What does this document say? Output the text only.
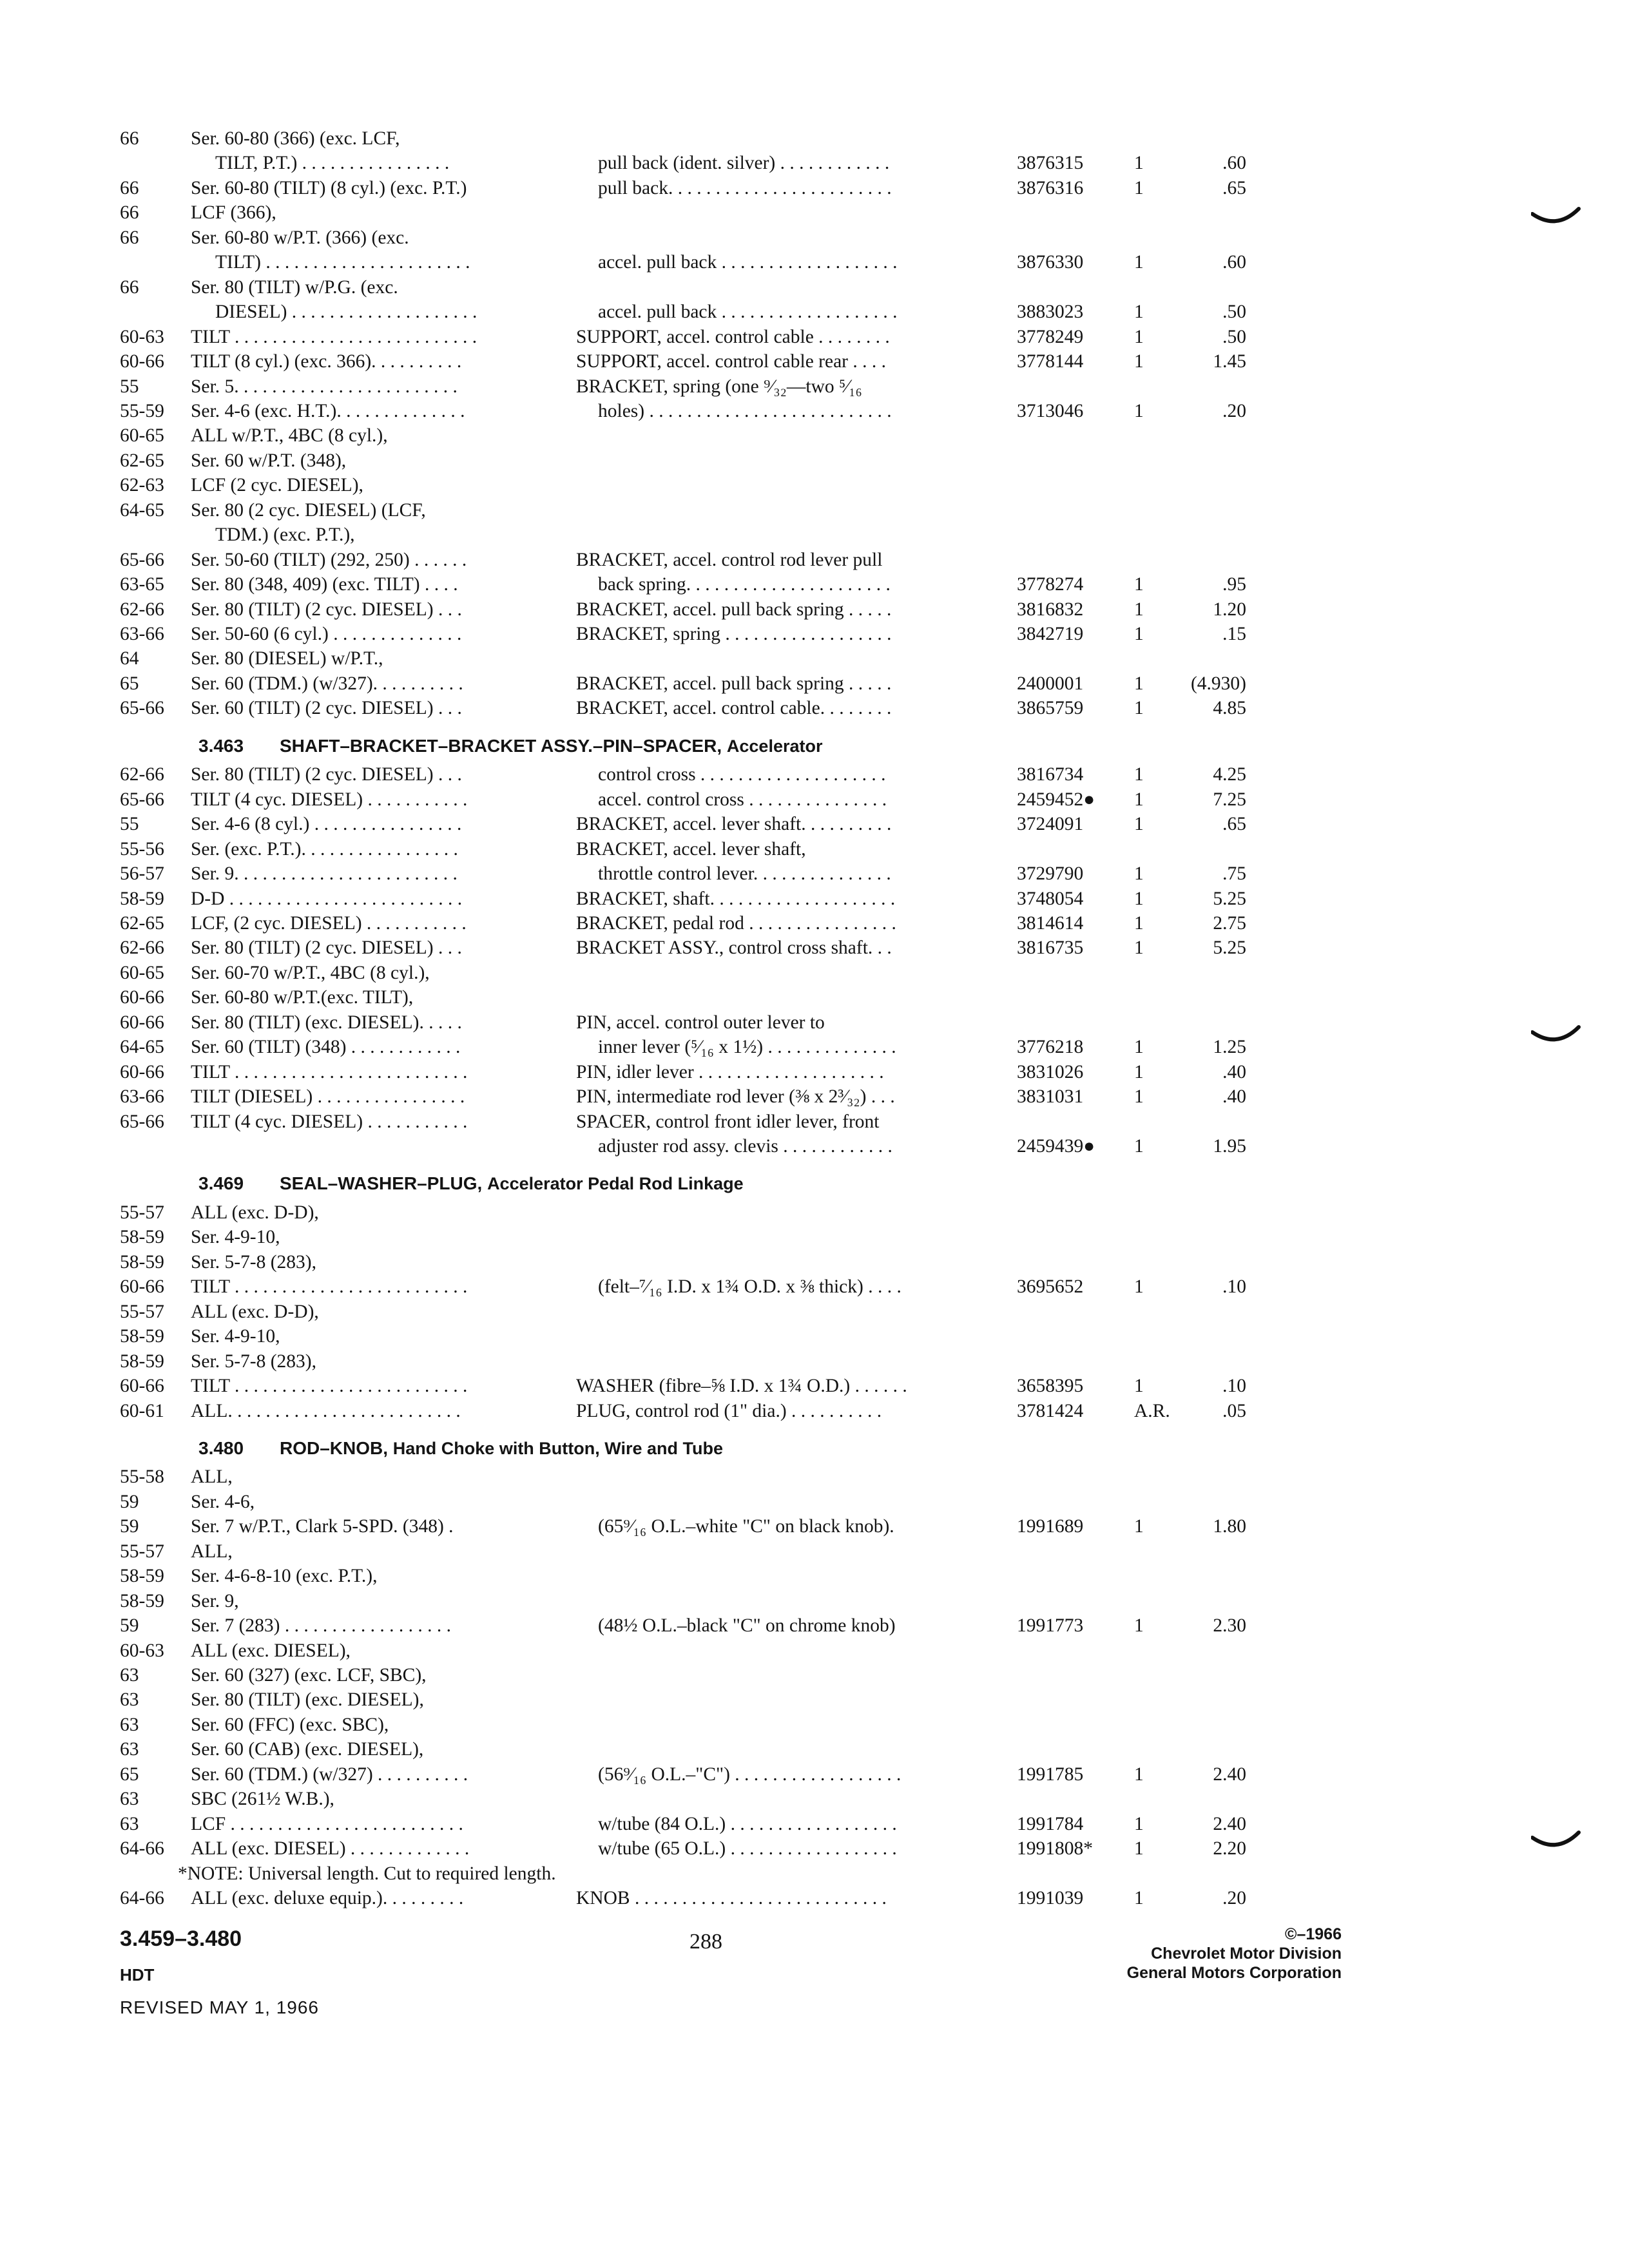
66	Ser. 60-80 (366) (exc. LCF,
TILT, P.T.) . . . . . . . . . . . . . . . .	pull back (ident. silver) . . . . . . . . . . . .	3876315	1	.60
66	Ser. 60-80 (TILT) (8 cyl.) (exc. P.T.)	pull back. . . . . . . . . . . . . . . . . . . . . . . .	3876316	1	.65
66	LCF (366),
66	Ser. 60-80 w/P.T. (366) (exc.
TILT) . . . . . . . . . . . . . . . . . . . . . .	accel. pull back . . . . . . . . . . . . . . . . . . .	3876330	1	.60
66	Ser. 80 (TILT) w/P.G. (exc.
DIESEL) . . . . . . . . . . . . . . . . . . . .	accel. pull back . . . . . . . . . . . . . . . . . . .	3883023	1	.50
60-63 TILT . . . . . . . . . . . . . . . . . . . . . . . . . .	SUPPORT, accel. control cable . . . . . . . .	3778249	1	.50
60-66 TILT (8 cyl.) (exc. 366). . . . . . . . . .	SUPPORT, accel. control cable rear . . . .	3778144	1	1.45
55	Ser. 5. . . . . . . . . . . . . . . . . . . . . . . .	BRACKET, spring (one ⁹⁄₃₂—two ⁵⁄₁₆
55-59 Ser. 4-6 (exc. H.T.). . . . . . . . . . . . . .	holes) . . . . . . . . . . . . . . . . . . . . . . . . . .	3713046	1	.20
60-65 ALL w/P.T., 4BC (8 cyl.),
62-65 Ser. 60 w/P.T. (348),
62-63 LCF (2 cyc. DIESEL),
64-65 Ser. 80 (2 cyc. DIESEL) (LCF,
TDM.) (exc. P.T.),
65-66 Ser. 50-60 (TILT) (292, 250) . . . . . .	BRACKET, accel. control rod lever pull
63-65 Ser. 80 (348, 409) (exc. TILT) . . . .	back spring. . . . . . . . . . . . . . . . . . . . . .	3778274	1	.95
62-66 Ser. 80 (TILT) (2 cyc. DIESEL) . . .	BRACKET, accel. pull back spring . . . . .	3816832	1	1.20
63-66 Ser. 50-60 (6 cyl.) . . . . . . . . . . . . . .	BRACKET, spring . . . . . . . . . . . . . . . . . .	3842719	1	.15
64	Ser. 80 (DIESEL) w/P.T.,
65	Ser. 60 (TDM.) (w/327). . . . . . . . . .	BRACKET, accel. pull back spring . . . . .	2400001	1	(4.930)
65-66 Ser. 60 (TILT) (2 cyc. DIESEL) . . .	BRACKET, accel. control cable. . . . . . . .	3865759	1	4.85
3.463 SHAFT–BRACKET–BRACKET ASSY.–PIN–SPACER, Accelerator
62-66 Ser. 80 (TILT) (2 cyc. DIESEL) . . .	control cross . . . . . . . . . . . . . . . . . . . .	3816734	1	4.25
65-66 TILT (4 cyc. DIESEL) . . . . . . . . . . .	accel. control cross . . . . . . . . . . . . . . .	2459452● 1	7.25
55	Ser. 4-6 (8 cyl.) . . . . . . . . . . . . . . . .	BRACKET, accel. lever shaft. . . . . . . . . .	3724091	1	.65
55-56 Ser. (exc. P.T.). . . . . . . . . . . . . . . . .	BRACKET, accel. lever shaft,
56-57 Ser. 9. . . . . . . . . . . . . . . . . . . . . . . .	throttle control lever. . . . . . . . . . . . . . .	3729790	1	.75
58-59 D-D . . . . . . . . . . . . . . . . . . . . . . . . .	BRACKET, shaft. . . . . . . . . . . . . . . . . . . .	3748054	1	5.25
62-65 LCF, (2 cyc. DIESEL) . . . . . . . . . . .	BRACKET, pedal rod . . . . . . . . . . . . . . . .	3814614	1	2.75
62-66 Ser. 80 (TILT) (2 cyc. DIESEL) . . .	BRACKET ASSY., control cross shaft. . .	3816735	1	5.25
60-65 Ser. 60-70 w/P.T., 4BC (8 cyl.),
60-66 Ser. 60-80 w/P.T.(exc. TILT),
60-66 Ser. 80 (TILT) (exc. DIESEL). . . . .	PIN, accel. control outer lever to
64-65 Ser. 60 (TILT) (348) . . . . . . . . . . . .	inner lever (⁵⁄₁₆ x 1½) . . . . . . . . . . . . . .	3776218	1	1.25
60-66 TILT . . . . . . . . . . . . . . . . . . . . . . . . .	PIN, idler lever . . . . . . . . . . . . . . . . . . . .	3831026	1	.40
63-66 TILT (DIESEL) . . . . . . . . . . . . . . . .	PIN, intermediate rod lever (⅜ x 2³⁄₃₂) . . .	3831031	1	.40
65-66 TILT (4 cyc. DIESEL) . . . . . . . . . . .	SPACER, control front idler lever, front
adjuster rod assy. clevis . . . . . . . . . . . .	2459439● 1	1.95
3.469 SEAL–WASHER–PLUG, Accelerator Pedal Rod Linkage
55-57 ALL (exc. D-D),
58-59 Ser. 4-9-10,
58-59 Ser. 5-7-8 (283),
60-66 TILT . . . . . . . . . . . . . . . . . . . . . . . . .	(felt–⁷⁄₁₆ I.D. x 1¾ O.D. x ⅜ thick) . . . .	3695652	1	.10
55-57 ALL (exc. D-D),
58-59 Ser. 4-9-10,
58-59 Ser. 5-7-8 (283),
60-66 TILT . . . . . . . . . . . . . . . . . . . . . . . . .	WASHER (fibre–⅝ I.D. x 1¾ O.D.) . . . . . .	3658395	1	.10
60-61 ALL. . . . . . . . . . . . . . . . . . . . . . . . .	PLUG, control rod (1" dia.) . . . . . . . . . .	3781424	A.R.	.05
3.480 ROD–KNOB, Hand Choke with Button, Wire and Tube
55-58 ALL,
59	Ser. 4-6,
59	Ser. 7 w/P.T., Clark 5-SPD. (348) .	(65⁹⁄₁₆ O.L.–white "C" on black knob).	1991689	1	1.80
55-57 ALL,
58-59 Ser. 4-6-8-10 (exc. P.T.),
58-59 Ser. 9,
59	Ser. 7 (283) . . . . . . . . . . . . . . . . . .	(48½ O.L.–black "C" on chrome knob)	1991773	1	2.30
60-63 ALL (exc. DIESEL),
63	Ser. 60 (327) (exc. LCF, SBC),
63	Ser. 80 (TILT) (exc. DIESEL),
63	Ser. 60 (FFC) (exc. SBC),
63	Ser. 60 (CAB) (exc. DIESEL),
65	Ser. 60 (TDM.) (w/327) . . . . . . . . . .	(56⁹⁄₁₆ O.L.–"C") . . . . . . . . . . . . . . . . . .	1991785	1	2.40
63	SBC (261½ W.B.),
63	LCF . . . . . . . . . . . . . . . . . . . . . . . . .	w/tube (84 O.L.) . . . . . . . . . . . . . . . . . .	1991784	1	2.40
64-66 ALL (exc. DIESEL) . . . . . . . . . . . . .	w/tube (65 O.L.) . . . . . . . . . . . . . . . . . .	1991808* 1	2.20
*NOTE: Universal length. Cut to required length.
64-66 ALL (exc. deluxe equip.). . . . . . . . .	KNOB . . . . . . . . . . . . . . . . . . . . . . . . . . .	1991039	1	.20
3.459–3.480
HDT
REVISED MAY 1, 1966
288	©–1966
Chevrolet Motor Division
General Motors Corporation
